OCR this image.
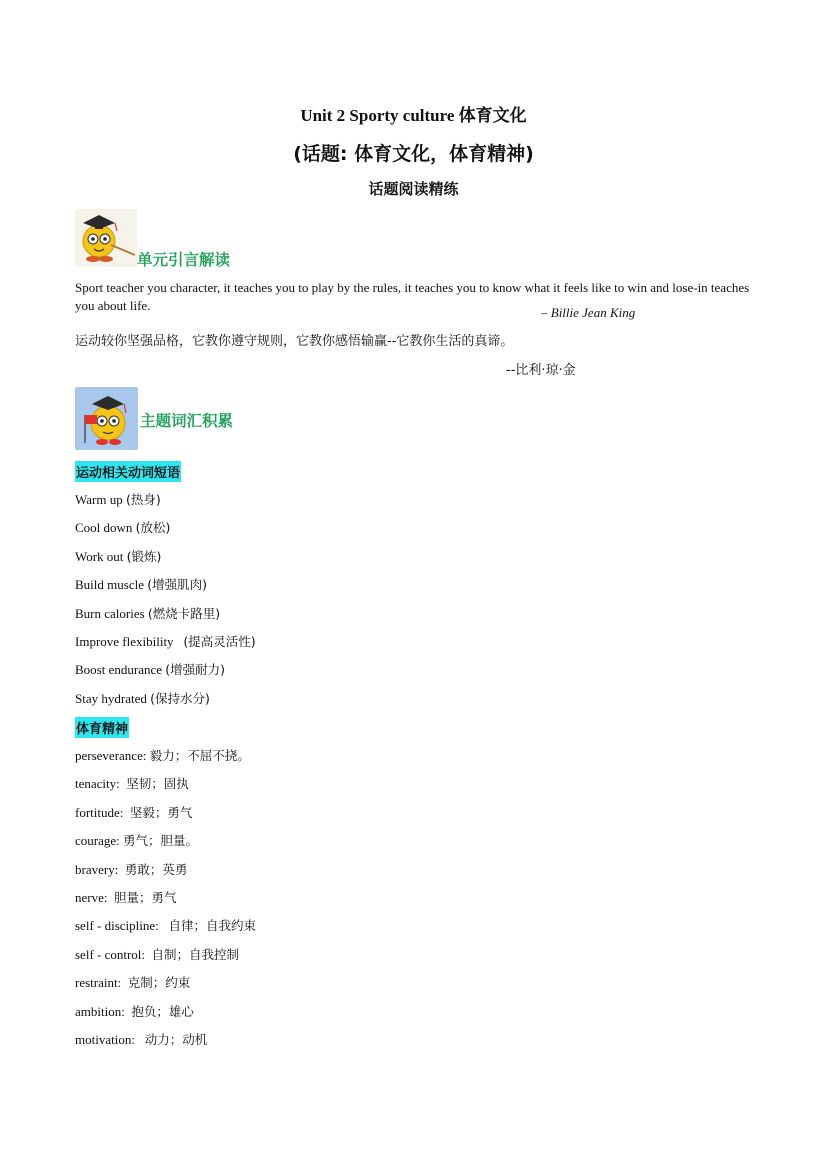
Unit 2 Sporty culture 体育文化
(话题: 体育文化，体育精神)
话题阅读精练
单元引言解读
Sport teacher you character, it teaches you to play by the rules, it teaches you to know what it feels like to win and lose-in teaches you about life.	– Billie Jean King
运动较你坚强品格，它教你遵守规则，它教你感悟输赢--它教你生活的真谛。
--比利·琼·金
主题词汇积累
运动相关动词短语
Warm up (热身)
Cool down (放松)
Work out (锻炼)
Build muscle (增强肌肉)
Burn calories (燃烧卡路里)
Improve flexibility   (提高灵活性)
Boost endurance (增强耐力)
Stay hydrated (保持水分)
体育精神
perseverance: 毅力；不屈不挠。
tenacity:  坚韧；固执
fortitude:  坚毅；勇气
courage: 勇气；胆量。
bravery:  勇敢；英勇
nerve:  胆量；勇气
self - discipline:   自律；自我约束
self - control:  自制；自我控制
restraint:  克制；约束
ambition:  抱负；雄心
motivation:   动力；动机
